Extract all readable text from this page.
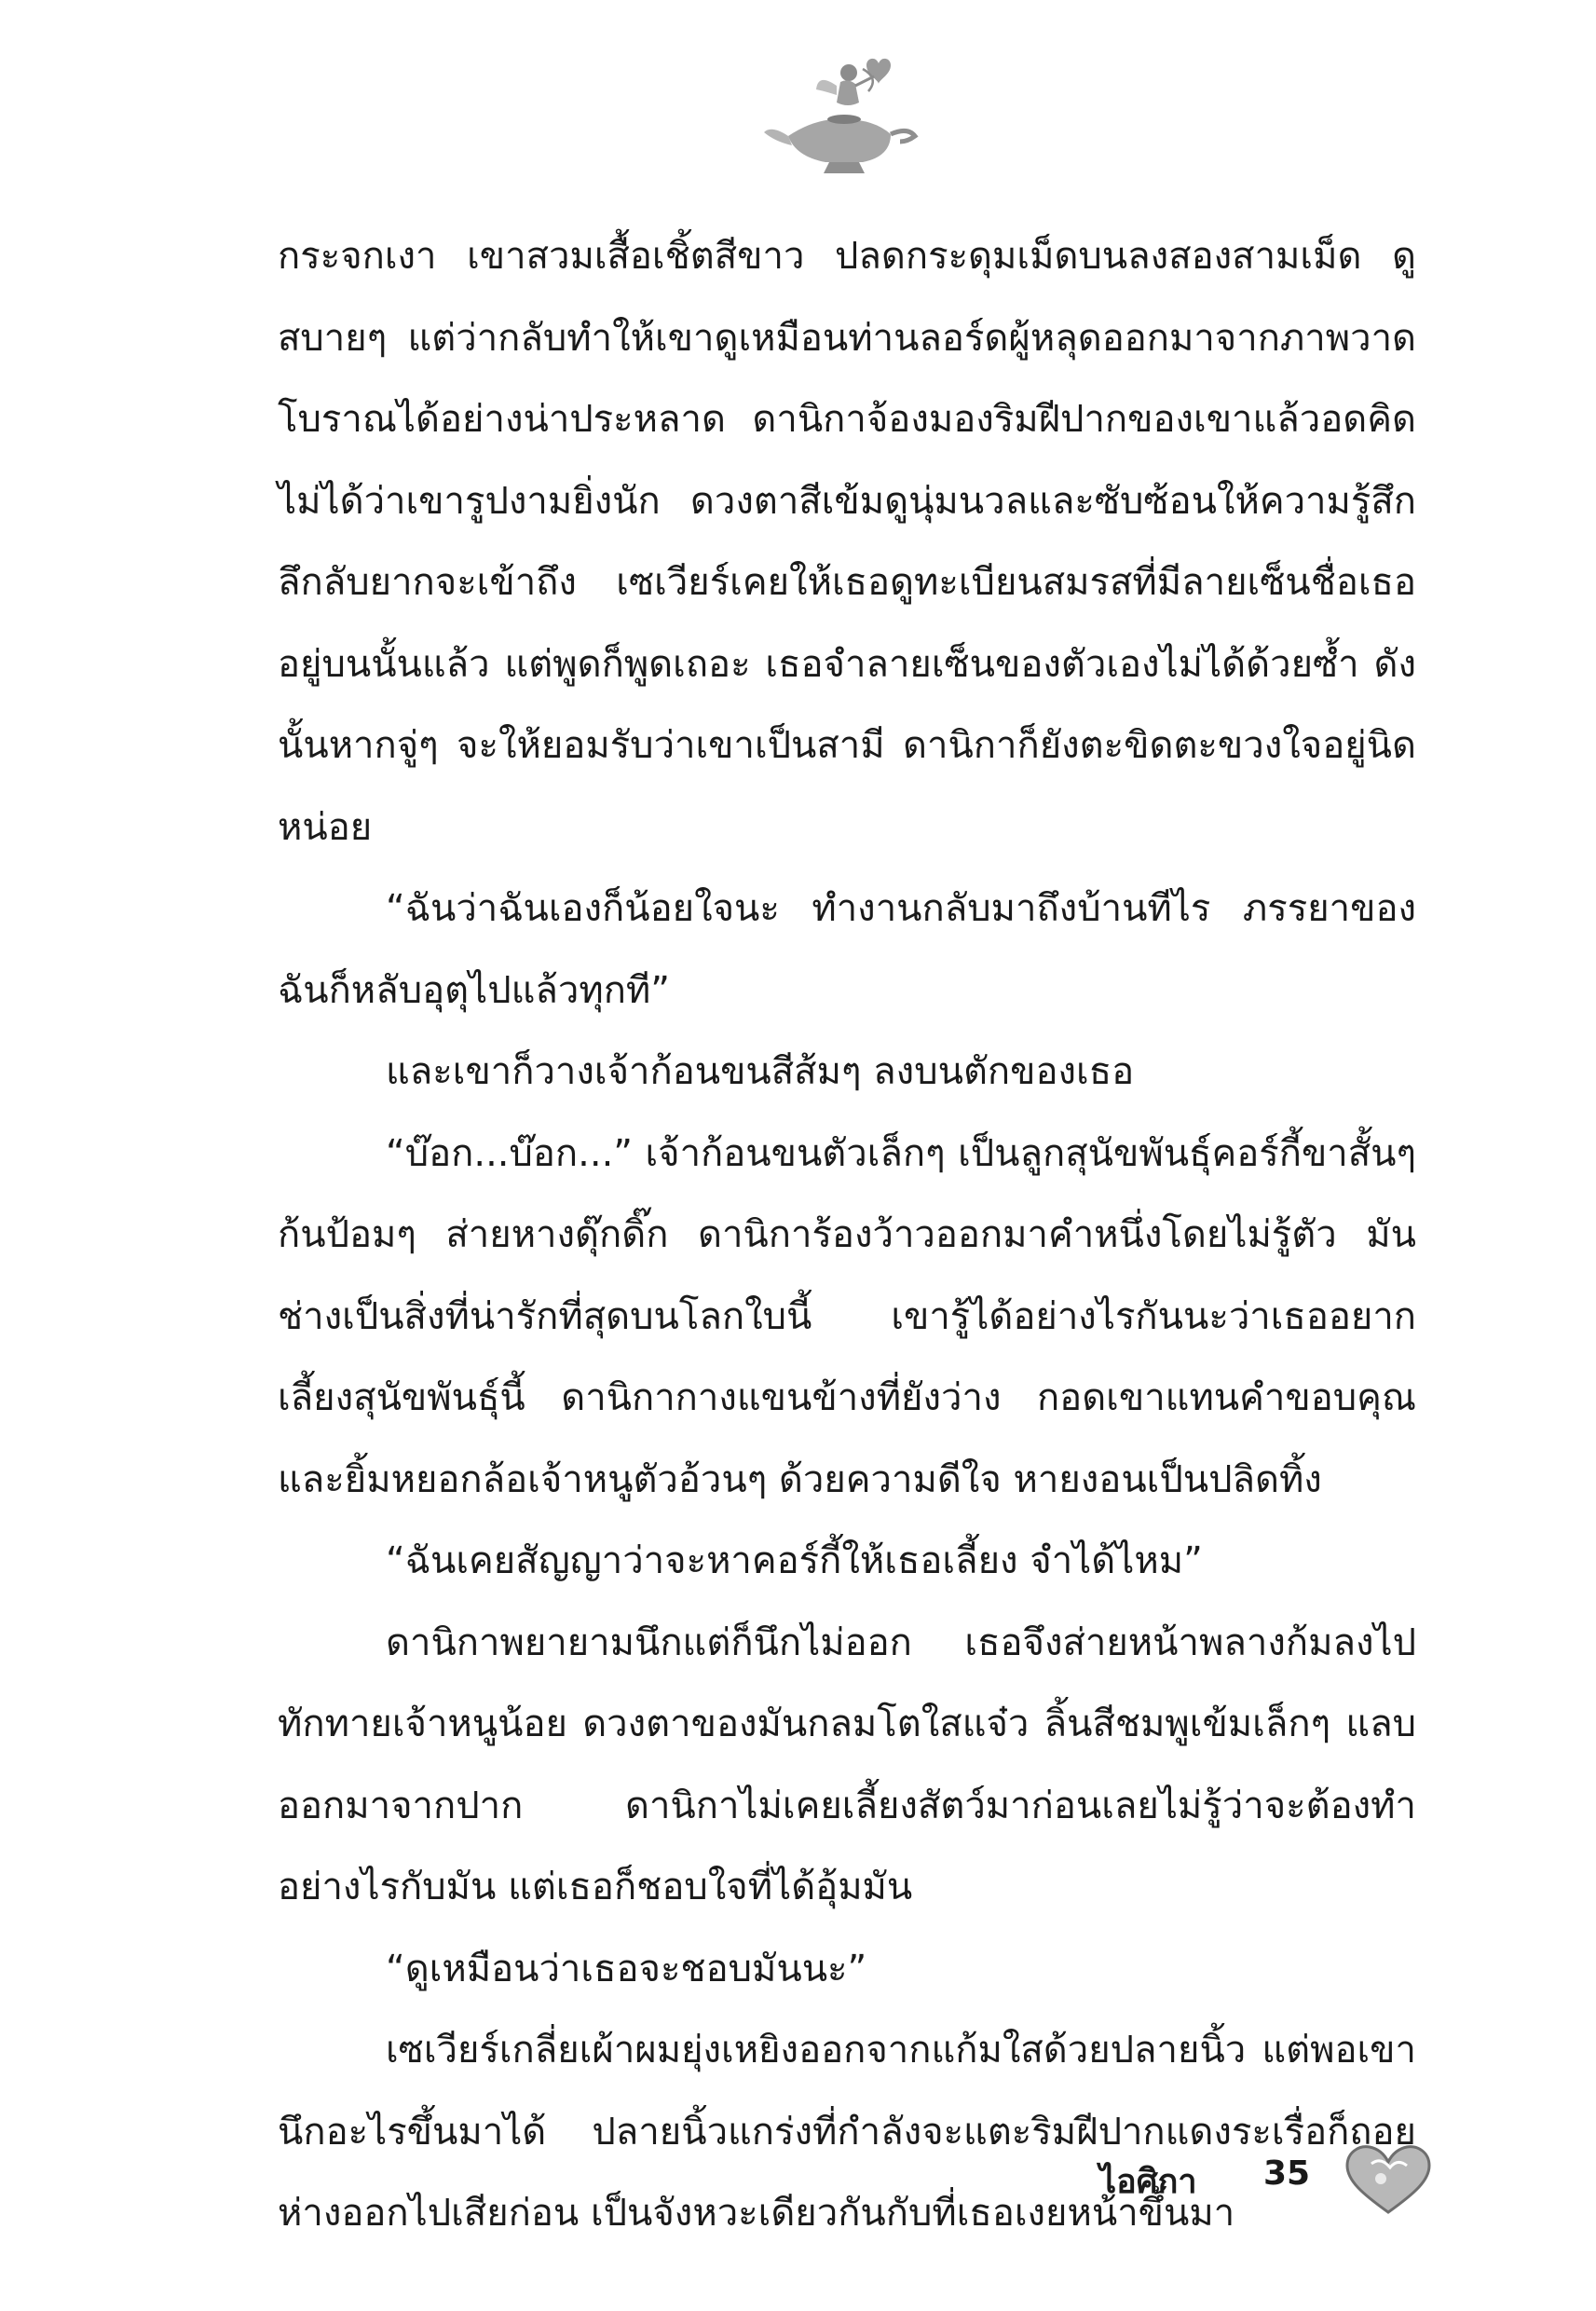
กระจกเงา เขาสวมเสื้อเชิ้ตสีขาว ปลดกระดุมเม็ดบนลงสองสามเม็ด ดูสบายๆ แต่ว่ากลับทำให้เขาดูเหมือนท่านลอร์ดผู้หลุดออกมาจากภาพวาดโบราณได้อย่างน่าประหลาด ดานิกาจ้องมองริมฝีปากของเขาแล้วอดคิดไม่ได้ว่าเขารูปงามยิ่งนัก ดวงตาสีเข้มดูนุ่มนวลและซับซ้อนให้ความรู้สึกลึกลับยากจะเข้าถึง เซเวียร์เคยให้เธอดูทะเบียนสมรสที่มีลายเซ็นชื่อเธออยู่บนนั้นแล้ว แต่พูดก็พูดเถอะ เธอจำลายเซ็นของตัวเองไม่ได้ด้วยซ้ำ ดังนั้นหากจู่ๆ จะให้ยอมรับว่าเขาเป็นสามี ดานิกาก็ยังตะขิดตะขวงใจอยู่นิดหน่อย

“ฉันว่าฉันเองก็น้อยใจนะ ทำงานกลับมาถึงบ้านทีไร ภรรยาของฉันก็หลับอุตุไปแล้วทุกที”

และเขาก็วางเจ้าก้อนขนสีส้มๆ ลงบนตักของเธอ

“บ๊อก...บ๊อก...” เจ้าก้อนขนตัวเล็กๆ เป็นลูกสุนัขพันธุ์คอร์กี้ขาสั้นๆ ก้นป้อมๆ ส่ายหางดุ๊กดิ๊ก ดานิการ้องว้าวออกมาคำหนึ่งโดยไม่รู้ตัว มันช่างเป็นสิ่งที่น่ารักที่สุดบนโลกใบนี้ เขารู้ได้อย่างไรกันนะว่าเธออยากเลี้ยงสุนัขพันธุ์นี้ ดานิกากางแขนข้างที่ยังว่าง กอดเขาแทนคำขอบคุณและยิ้มหยอกล้อเจ้าหนูตัวอ้วนๆ ด้วยความดีใจ หายงอนเป็นปลิดทิ้ง

“ฉันเคยสัญญาว่าจะหาคอร์กี้ให้เธอเลี้ยง จำได้ไหม”

ดานิกาพยายามนึกแต่ก็นึกไม่ออก เธอจึงส่ายหน้าพลางก้มลงไปทักทายเจ้าหนูน้อย ดวงตาของมันกลมโตใสแจ๋ว ลิ้นสีชมพูเข้มเล็กๆ แลบออกมาจากปาก ดานิกาไม่เคยเลี้ยงสัตว์มาก่อนเลยไม่รู้ว่าจะต้องทำอย่างไรกับมัน แต่เธอก็ชอบใจที่ได้อุ้มมัน

“ดูเหมือนว่าเธอจะชอบมันนะ”

เซเวียร์เกลี่ยเผ้าผมยุ่งเหยิงออกจากแก้มใสด้วยปลายนิ้ว แต่พอเขานึกอะไรขึ้นมาได้ ปลายนิ้วแกร่งที่กำลังจะแตะริมฝีปากแดงระเรื่อก็ถอยห่างออกไปเสียก่อน เป็นจังหวะเดียวกันกับที่เธอเงยหน้าขึ้นมา

ไอศิกา 35
